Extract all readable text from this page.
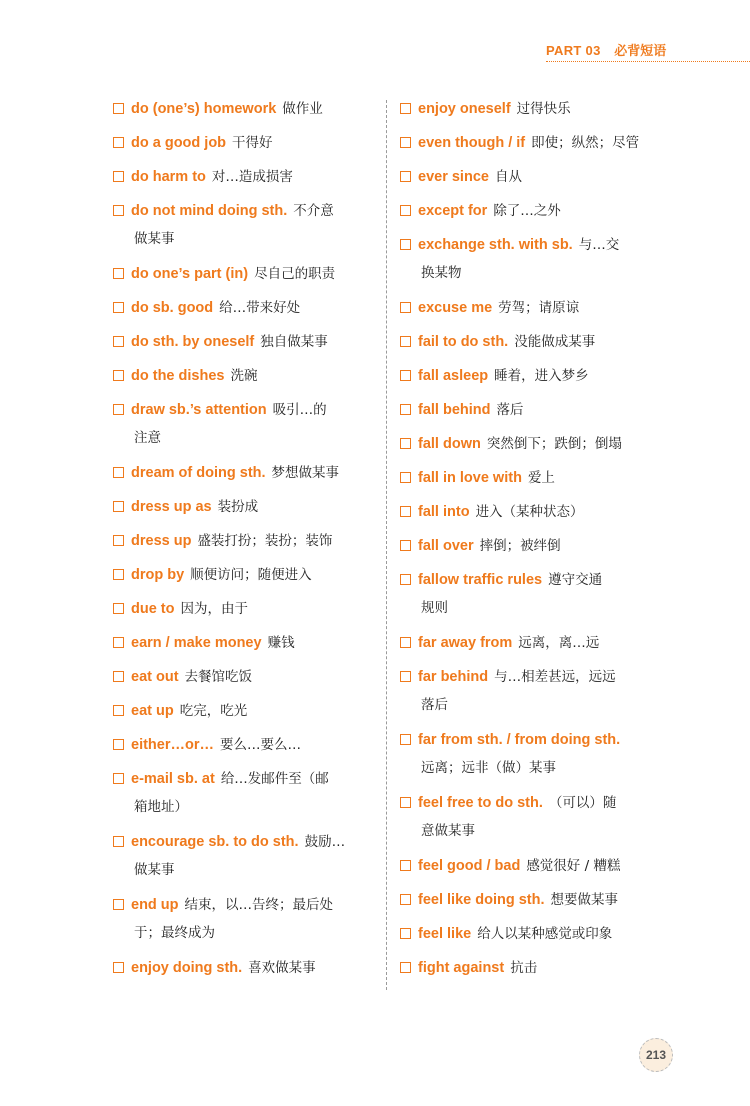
PART 03 必背短语
do (one’s) homework 做作业
do a good job 干得好
do harm to 对…造成损害
do not mind doing sth. 不介意
做某事
do one’s part (in) 尽自己的职责
do sb. good 给…带来好处
do sth. by oneself 独自做某事
do the dishes 洗碗
draw sb.’s attention 吸引…的
注意
dream of doing sth. 梦想做某事
dress up as 装扮成
dress up 盛装打扮；装扮；装饰
drop by 顺便访问；随便进入
due to 因为，由于
earn / make money 赚钱
eat out 去餐馆吃饭
eat up 吃完，吃光
either…or… 要么…要么…
e-mail sb. at 给…发邮件至（邮
箱地址）
encourage sb. to do sth. 鼓励…
做某事
end up 结束，以…告终；最后处
于；最终成为
enjoy doing sth. 喜欢做某事
enjoy oneself 过得快乐
even though / if 即使；纵然；尽管
ever since 自从
except for 除了…之外
exchange sth. with sb. 与…交
换某物
excuse me 劳驾；请原谅
fail to do sth. 没能做成某事
fall asleep 睡着，进入梦乡
fall behind 落后
fall down 突然倒下；跌倒；倒塌
fall in love with 爱上
fall into 进入（某种状态）
fall over 摔倒；被绊倒
fallow traffic rules 遵守交通
规则
far away from 远离，离…远
far behind 与…相差甚远，远远
落后
far from sth. / from doing sth.
远离；远非（做）某事
feel free to do sth. （可以）随
意做某事
feel good / bad 感觉很好 / 糟糕
feel like doing sth. 想要做某事
feel like 给人以某种感觉或印象
fight against 抗击
213
